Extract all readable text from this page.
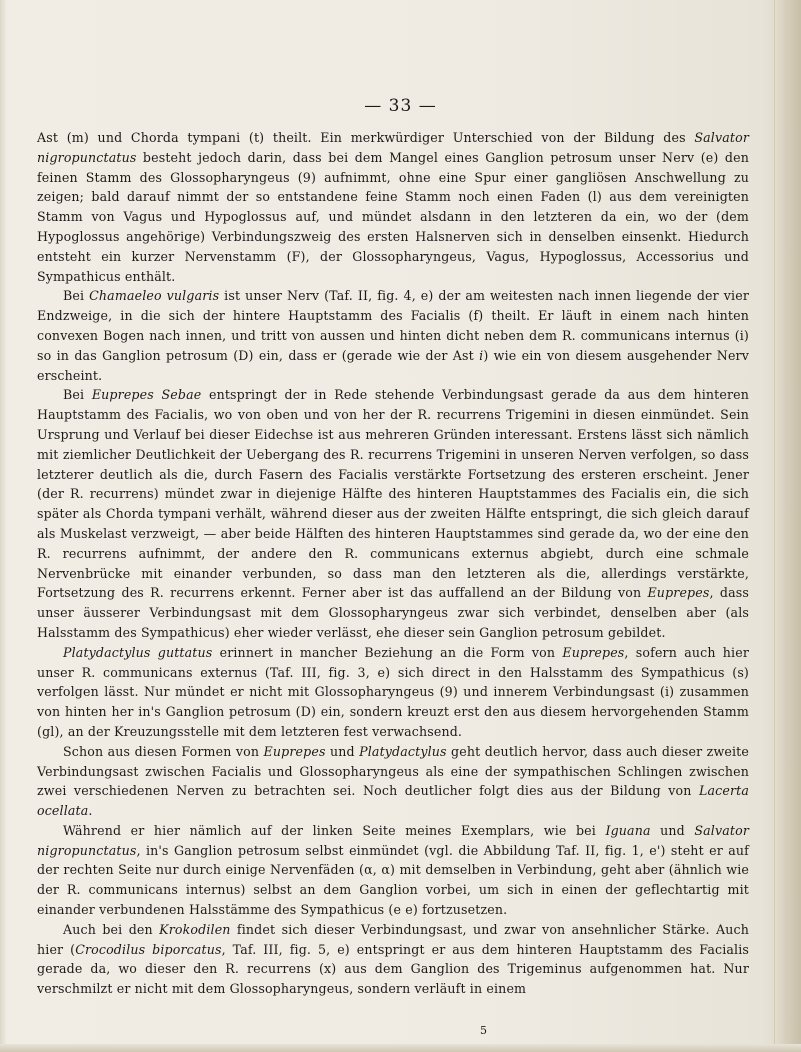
— 33 —

Ast (m) und Chorda tympani (t) theilt. Ein merkwürdiger Unterschied von der Bildung des Salvator nigropunctatus besteht jedoch darin, dass bei dem Mangel eines Ganglion petrosum unser Nerv (e) den feinen Stamm des Glossopharyngeus (9) aufnimmt, ohne eine Spur einer gangliösen Anschwellung zu zeigen; bald darauf nimmt der so entstandene feine Stamm noch einen Faden (l) aus dem vereinigten Stamm von Vagus und Hypoglossus auf, und mündet alsdann in den letzteren da ein, wo der (dem Hypoglossus angehörige) Verbindungszweig des ersten Halsnerven sich in denselben einsenkt. Hiedurch entsteht ein kurzer Nervenstamm (F), der Glossopharyngeus, Vagus, Hypoglossus, Accessorius und Sympathicus enthält.

Bei Chamaeleo vulgaris ist unser Nerv (Taf. II, fig. 4, e) der am weitesten nach innen liegende der vier Endzweige, in die sich der hintere Hauptstamm des Facialis (f) theilt. Er läuft in einem nach hinten convexen Bogen nach innen, und tritt von aussen und hinten dicht neben dem R. communicans internus (i) so in das Ganglion petrosum (D) ein, dass er (gerade wie der Ast i) wie ein von diesem ausgehender Nerv erscheint.

Bei Euprepes Sebae entspringt der in Rede stehende Verbindungsast gerade da aus dem hinteren Hauptstamm des Facialis, wo von oben und von her der R. recurrens Trigemini in diesen einmündet. Sein Ursprung und Verlauf bei dieser Eidechse ist aus mehreren Gründen interessant. Erstens lässt sich nämlich mit ziemlicher Deutlichkeit der Uebergang des R. recurrens Trigemini in unseren Nerven verfolgen, so dass letzterer deutlich als die, durch Fasern des Facialis verstärkte Fortsetzung des ersteren erscheint. Jener (der R. recurrens) mündet zwar in diejenige Hälfte des hinteren Hauptstammes des Facialis ein, die sich später als Chorda tympani verhält, während dieser aus der zweiten Hälfte entspringt, die sich gleich darauf als Muskelast verzweigt, — aber beide Hälften des hinteren Hauptstammes sind gerade da, wo der eine den R. recurrens aufnimmt, der andere den R. communicans externus abgiebt, durch eine schmale Nervenbrücke mit einander verbunden, so dass man den letzteren als die, allerdings verstärkte, Fortsetzung des R. recurrens erkennt. Ferner aber ist das auffallend an der Bildung von Euprepes, dass unser äusserer Verbindungsast mit dem Glossopharyngeus zwar sich verbindet, denselben aber (als Halsstamm des Sympathicus) eher wieder verlässt, ehe dieser sein Ganglion petrosum gebildet.

Platydactylus guttatus erinnert in mancher Beziehung an die Form von Euprepes, sofern auch hier unser R. communicans externus (Taf. III, fig. 3, e) sich direct in den Halsstamm des Sympathicus (s) verfolgen lässt. Nur mündet er nicht mit Glossopharyngeus (9) und innerem Verbindungsast (i) zusammen von hinten her in's Ganglion petrosum (D) ein, sondern kreuzt erst den aus diesem hervorgehenden Stamm (gl), an der Kreuzungsstelle mit dem letzteren fest verwachsend.

Schon aus diesen Formen von Euprepes und Platydactylus geht deutlich hervor, dass auch dieser zweite Verbindungsast zwischen Facialis und Glossopharyngeus als eine der sympathischen Schlingen zwischen zwei verschiedenen Nerven zu betrachten sei. Noch deutlicher folgt dies aus der Bildung von Lacerta ocellata.

Während er hier nämlich auf der linken Seite meines Exemplars, wie bei Iguana und Salvator nigropunctatus, in's Ganglion petrosum selbst einmündet (vgl. die Abbildung Taf. II, fig. 1, e') steht er auf der rechten Seite nur durch einige Nervenfäden (α, α) mit demselben in Verbindung, geht aber (ähnlich wie der R. communicans internus) selbst an dem Ganglion vorbei, um sich in einen der geflechtartig mit einander verbundenen Halsstämme des Sympathicus (e e) fortzusetzen.

Auch bei den Krokodilen findet sich dieser Verbindungsast, und zwar von ansehnlicher Stärke. Auch hier (Crocodilus biporcatus, Taf. III, fig. 5, e) entspringt er aus dem hinteren Hauptstamm des Facialis gerade da, wo dieser den R. recurrens (x) aus dem Ganglion des Trigeminus aufgenommen hat. Nur verschmilzt er nicht mit dem Glossopharyngeus, sondern verläuft in einem

5
